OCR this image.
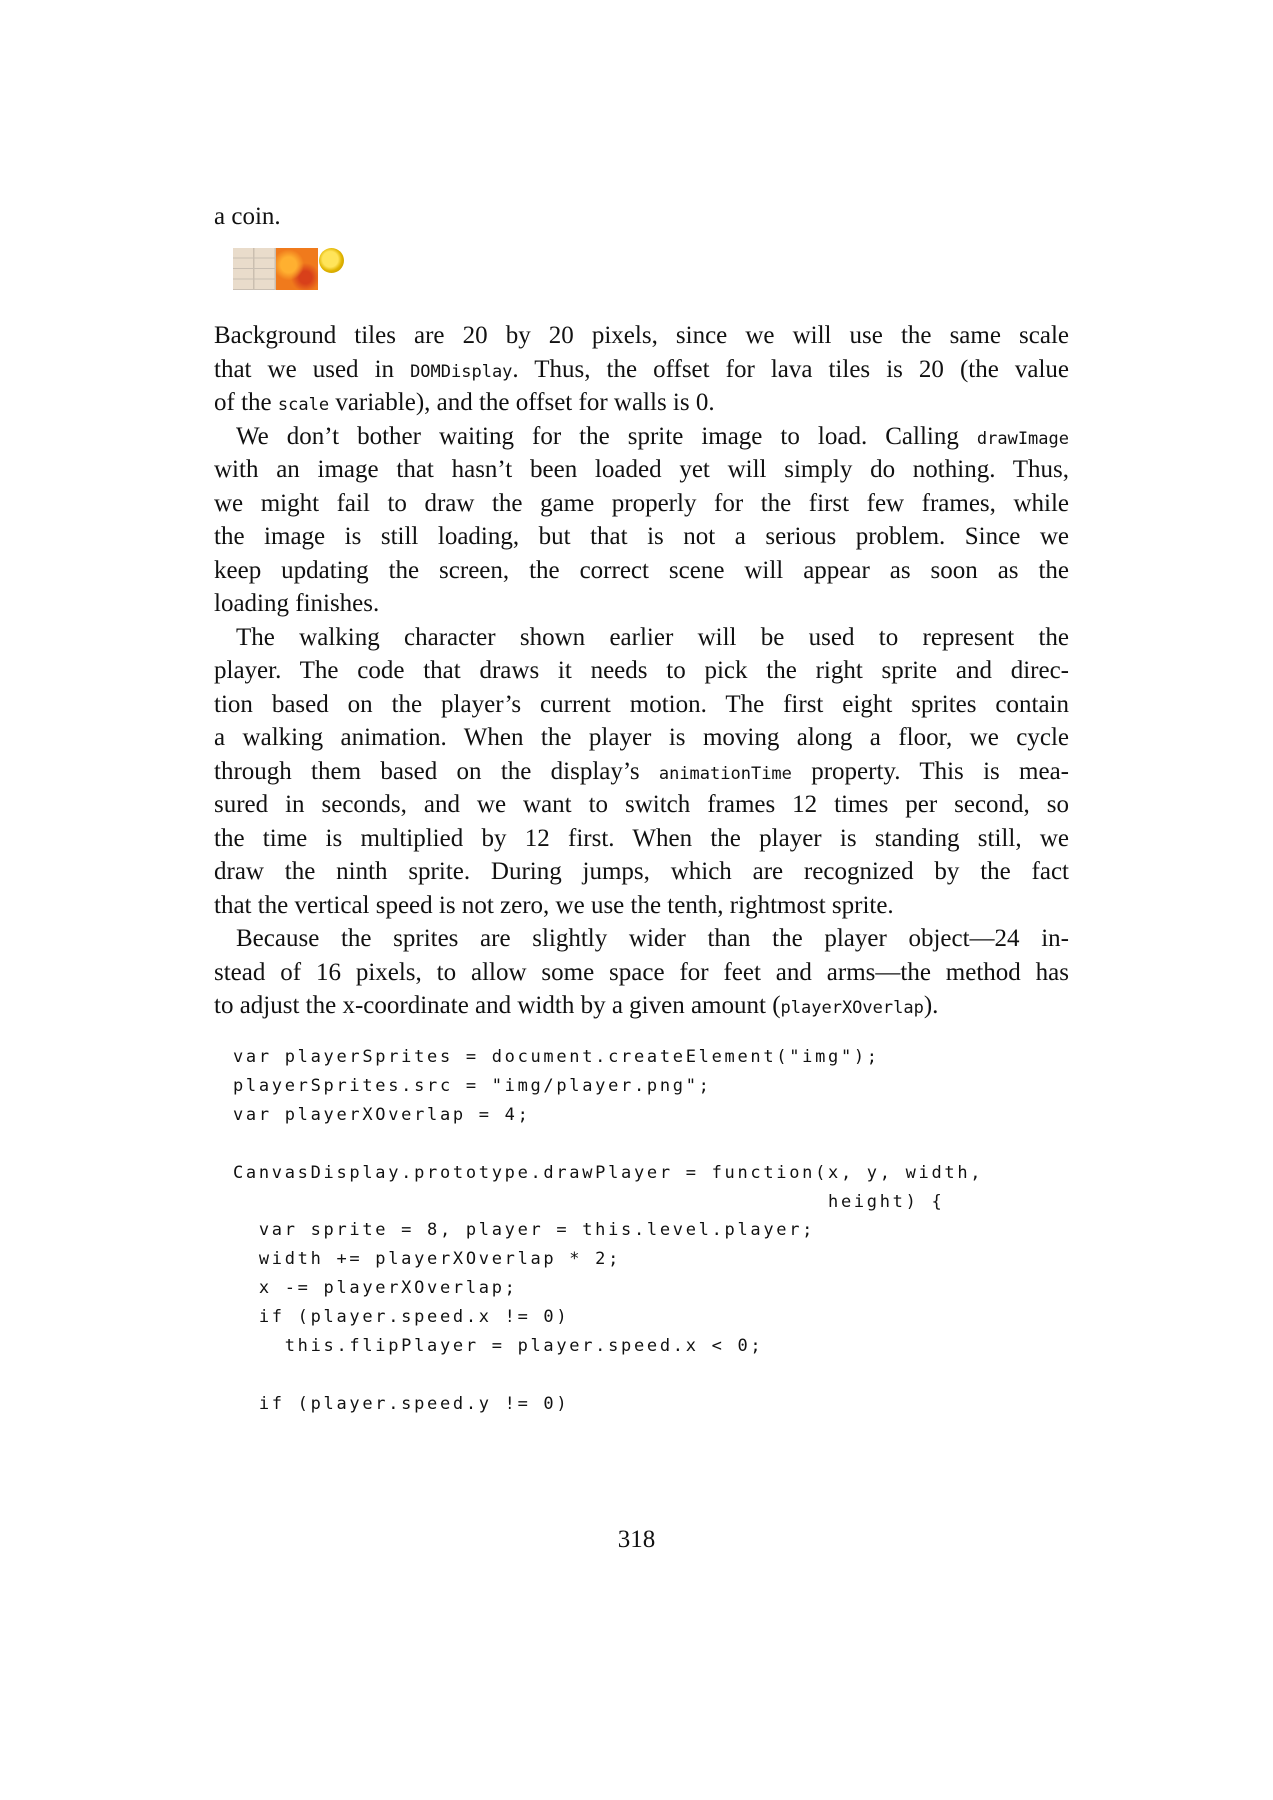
a coin.
Background tiles are 20 by 20 pixels, since we will use the same scale
that we used in DOMDisplay. Thus, the offset for lava tiles is 20 (the value
of the scale variable), and the offset for walls is 0.
We don’t bother waiting for the sprite image to load. Calling drawImage
with an image that hasn’t been loaded yet will simply do nothing. Thus,
we might fail to draw the game properly for the first few frames, while
the image is still loading, but that is not a serious problem. Since we
keep updating the screen, the correct scene will appear as soon as the
loading finishes.
The walking character shown earlier will be used to represent the
player. The code that draws it needs to pick the right sprite and direc-
tion based on the player’s current motion. The first eight sprites contain
a walking animation. When the player is moving along a floor, we cycle
through them based on the display’s animationTime property. This is mea-
sured in seconds, and we want to switch frames 12 times per second, so
the time is multiplied by 12 first. When the player is standing still, we
draw the ninth sprite. During jumps, which are recognized by the fact
that the vertical speed is not zero, we use the tenth, rightmost sprite.
Because the sprites are slightly wider than the player object—24 in-
stead of 16 pixels, to allow some space for feet and arms—the method has
to adjust the x-coordinate and width by a given amount (playerXOverlap).
var playerSprites = document.createElement("img");
playerSprites.src = "img/player.png";
var playerXOverlap = 4;
CanvasDisplay.prototype.drawPlayer = function(x, y, width,
height) {
var sprite = 8, player = this.level.player;
width += playerXOverlap * 2;
x -= playerXOverlap;
if (player.speed.x != 0)
this.flipPlayer = player.speed.x < 0;
if (player.speed.y != 0)
318
